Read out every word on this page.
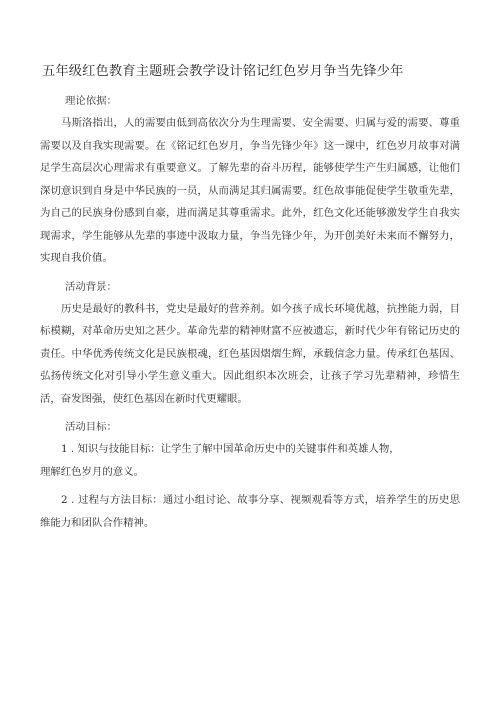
五年级红色教育主题班会教学设计铭记红色岁月争当先锋少年

理论依据：

马斯洛指出，人的需要由低到高依次分为生理需要、安全需要、归属与爱的需要、尊重需要以及自我实现需要。在《铭记红色岁月，争当先锋少年》这一课中，红色岁月故事对满足学生高层次心理需求有重要意义。了解先辈的奋斗历程，能够使学生产生归属感，让他们深切意识到自身是中华民族的一员，从而满足其归属需要。红色故事能促使学生敬重先辈，为自己的民族身份感到自豪，进而满足其尊重需求。此外，红色文化还能够激发学生自我实现需求，学生能够从先辈的事迹中汲取力量，争当先锋少年，为开创美好未来而不懈努力，实现自我价值。

活动背景：

历史是最好的教科书，党史是最好的营养剂。如今孩子成长环境优越，抗挫能力弱，目标模糊，对革命历史知之甚少。革命先辈的精神财富不应被遗忘，新时代少年有铭记历史的责任。中华优秀传统文化是民族根魂，红色基因熠熠生辉，承载信念力量。传承红色基因、弘扬传统文化对引导小学生意义重大。因此组织本次班会，让孩子学习先辈精神，珍惜生活，奋发图强，使红色基因在新时代更耀眼。

活动目标：

1 . 知识与技能目标：让学生了解中国革命历史中的关键事件和英雄人物，

理解红色岁月的意义。

2 . 过程与方法目标：通过小组讨论、故事分享、视频观看等方式，培养学生的历史思维能力和团队合作精神。
